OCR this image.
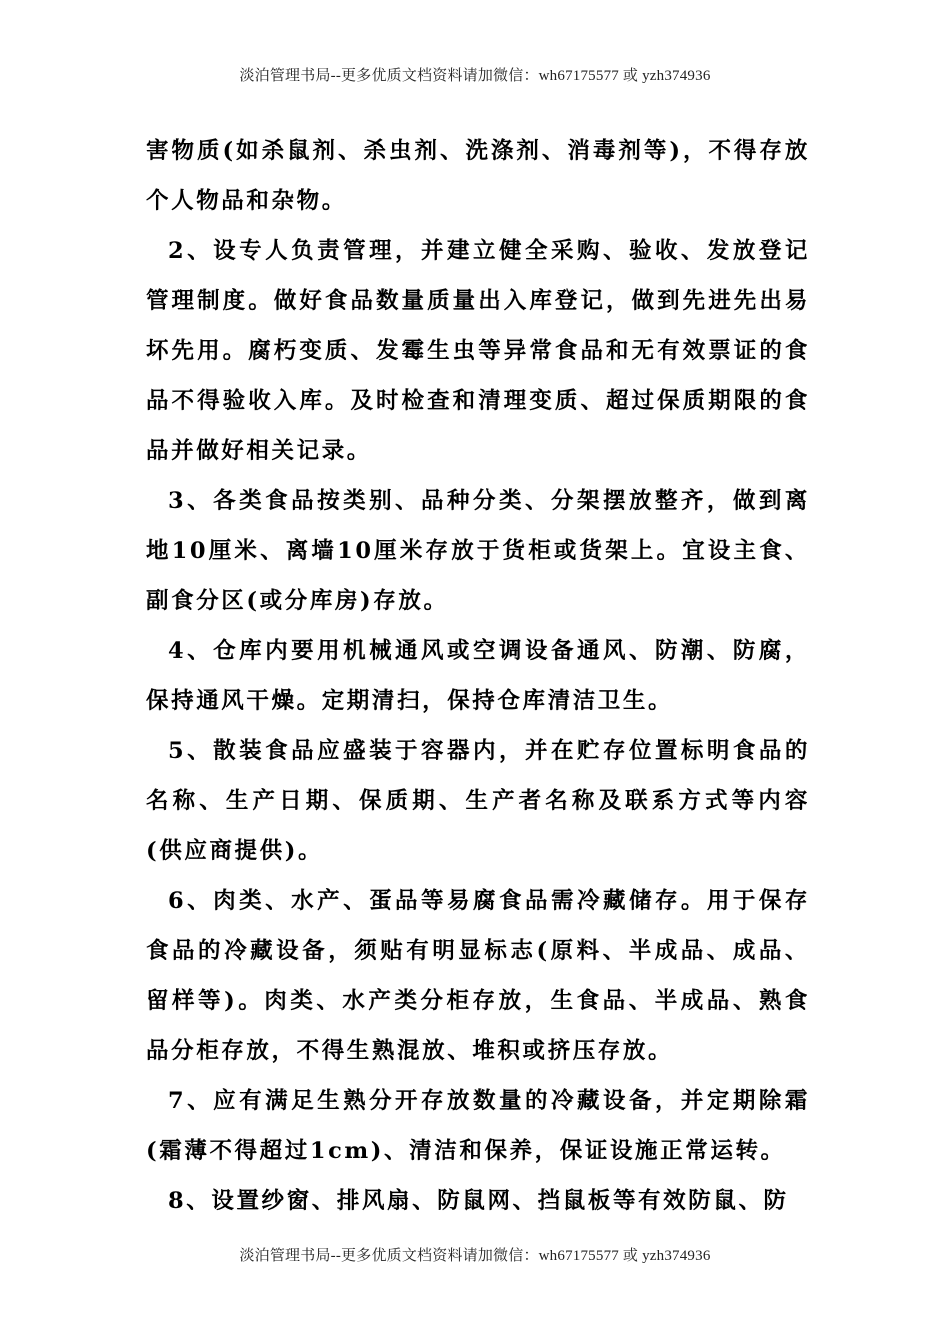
淡泊管理书局--更多优质文档资料请加微信：wh67175577 或 yzh374936

害物质(如杀鼠剂、杀虫剂、洗涤剂、消毒剂等)，不得存放个人物品和杂物。

2、设专人负责管理，并建立健全采购、验收、发放登记管理制度。做好食品数量质量出入库登记，做到先进先出易坏先用。腐朽变质、发霉生虫等异常食品和无有效票证的食品不得验收入库。及时检查和清理变质、超过保质期限的食品并做好相关记录。

3、各类食品按类别、品种分类、分架摆放整齐，做到离地10厘米、离墙10厘米存放于货柜或货架上。宜设主食、副食分区(或分库房)存放。

4、仓库内要用机械通风或空调设备通风、防潮、防腐，保持通风干燥。定期清扫，保持仓库清洁卫生。

5、散装食品应盛装于容器内，并在贮存位置标明食品的名称、生产日期、保质期、生产者名称及联系方式等内容(供应商提供)。

6、肉类、水产、蛋品等易腐食品需冷藏储存。用于保存食品的冷藏设备，须贴有明显标志(原料、半成品、成品、留样等)。肉类、水产类分柜存放，生食品、半成品、熟食品分柜存放，不得生熟混放、堆积或挤压存放。

7、应有满足生熟分开存放数量的冷藏设备，并定期除霜(霜薄不得超过1cm)、清洁和保养，保证设施正常运转。

8、设置纱窗、排风扇、防鼠网、挡鼠板等有效防鼠、防

淡泊管理书局--更多优质文档资料请加微信：wh67175577 或 yzh374936
